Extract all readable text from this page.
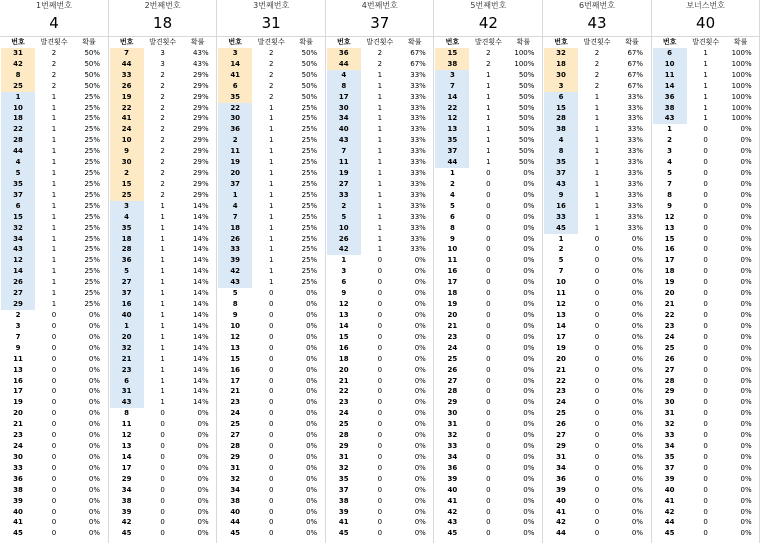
1번째번호
4
번호	발견횟수	확률
31	2	50%
42	2	50%
8	2	50%
25	2	50%
1	1	25%
10	1	25%
18	1	25%
22	1	25%
28	1	25%
44	1	25%
4	1	25%
5	1	25%
35	1	25%
37	1	25%
6	1	25%
15	1	25%
32	1	25%
34	1	25%
43	1	25%
12	1	25%
14	1	25%
26	1	25%
27	1	25%
29	1	25%
2	0	0%
3	0	0%
7	0	0%
9	0	0%
11	0	0%
13	0	0%
16	0	0%
17	0	0%
19	0	0%
20	0	0%
21	0	0%
23	0	0%
24	0	0%
30	0	0%
33	0	0%
36	0	0%
38	0	0%
39	0	0%
40	0	0%
41	0	0%
45	0	0%
2번째번호
18
번호	발견횟수	확률
7	3	43%
44	3	43%
33	2	29%
26	2	29%
19	2	29%
22	2	29%
41	2	29%
24	2	29%
10	2	29%
9	2	29%
30	2	29%
2	2	29%
15	2	29%
25	2	29%
3	1	14%
4	1	14%
35	1	14%
18	1	14%
28	1	14%
36	1	14%
5	1	14%
27	1	14%
37	1	14%
16	1	14%
40	1	14%
1	1	14%
20	1	14%
32	1	14%
21	1	14%
23	1	14%
6	1	14%
31	1	14%
43	1	14%
8	0	0%
11	0	0%
12	0	0%
13	0	0%
14	0	0%
17	0	0%
29	0	0%
34	0	0%
38	0	0%
39	0	0%
42	0	0%
45	0	0%
3번째번호
31
번호	발견횟수	확률
3	2	50%
14	2	50%
41	2	50%
6	2	50%
35	2	50%
22	1	25%
30	1	25%
36	1	25%
2	1	25%
11	1	25%
19	1	25%
20	1	25%
37	1	25%
1	1	25%
4	1	25%
7	1	25%
18	1	25%
26	1	25%
33	1	25%
39	1	25%
42	1	25%
43	1	25%
5	0	0%
8	0	0%
9	0	0%
10	0	0%
12	0	0%
13	0	0%
15	0	0%
16	0	0%
17	0	0%
21	0	0%
23	0	0%
24	0	0%
25	0	0%
27	0	0%
28	0	0%
29	0	0%
31	0	0%
32	0	0%
34	0	0%
38	0	0%
40	0	0%
44	0	0%
45	0	0%
4번째번호
37
번호	발견횟수	확률
36	2	67%
44	2	67%
4	1	33%
8	1	33%
17	1	33%
30	1	33%
34	1	33%
40	1	33%
43	1	33%
7	1	33%
11	1	33%
19	1	33%
27	1	33%
33	1	33%
2	1	33%
5	1	33%
10	1	33%
26	1	33%
42	1	33%
1	0	0%
3	0	0%
6	0	0%
9	0	0%
12	0	0%
13	0	0%
14	0	0%
15	0	0%
16	0	0%
18	0	0%
20	0	0%
21	0	0%
22	0	0%
23	0	0%
24	0	0%
25	0	0%
28	0	0%
29	0	0%
31	0	0%
32	0	0%
35	0	0%
37	0	0%
38	0	0%
39	0	0%
41	0	0%
45	0	0%
5번째번호
42
번호	발견횟수	확률
15	2	100%
38	2	100%
3	1	50%
7	1	50%
14	1	50%
22	1	50%
12	1	50%
13	1	50%
35	1	50%
37	1	50%
44	1	50%
1	0	0%
2	0	0%
4	0	0%
5	0	0%
6	0	0%
8	0	0%
9	0	0%
10	0	0%
11	0	0%
16	0	0%
17	0	0%
18	0	0%
19	0	0%
20	0	0%
21	0	0%
23	0	0%
24	0	0%
25	0	0%
26	0	0%
27	0	0%
28	0	0%
29	0	0%
30	0	0%
31	0	0%
32	0	0%
33	0	0%
34	0	0%
36	0	0%
39	0	0%
40	0	0%
41	0	0%
42	0	0%
43	0	0%
45	0	0%
6번째번호
43
번호	발견횟수	확률
32	2	67%
18	2	67%
30	2	67%
3	2	67%
6	1	33%
15	1	33%
28	1	33%
38	1	33%
4	1	33%
8	1	33%
35	1	33%
37	1	33%
43	1	33%
9	1	33%
16	1	33%
33	1	33%
45	1	33%
1	0	0%
2	0	0%
5	0	0%
7	0	0%
10	0	0%
11	0	0%
12	0	0%
13	0	0%
14	0	0%
17	0	0%
19	0	0%
20	0	0%
21	0	0%
22	0	0%
23	0	0%
24	0	0%
25	0	0%
26	0	0%
27	0	0%
29	0	0%
31	0	0%
34	0	0%
36	0	0%
39	0	0%
40	0	0%
41	0	0%
42	0	0%
44	0	0%
보너스번호
40
번호	발견횟수	확률
6	1	100%
10	1	100%
11	1	100%
14	1	100%
36	1	100%
38	1	100%
43	1	100%
1	0	0%
2	0	0%
3	0	0%
4	0	0%
5	0	0%
7	0	0%
8	0	0%
9	0	0%
12	0	0%
13	0	0%
15	0	0%
16	0	0%
17	0	0%
18	0	0%
19	0	0%
20	0	0%
21	0	0%
22	0	0%
23	0	0%
24	0	0%
25	0	0%
26	0	0%
27	0	0%
28	0	0%
29	0	0%
30	0	0%
31	0	0%
32	0	0%
33	0	0%
34	0	0%
35	0	0%
37	0	0%
39	0	0%
40	0	0%
41	0	0%
42	0	0%
44	0	0%
45	0	0%
